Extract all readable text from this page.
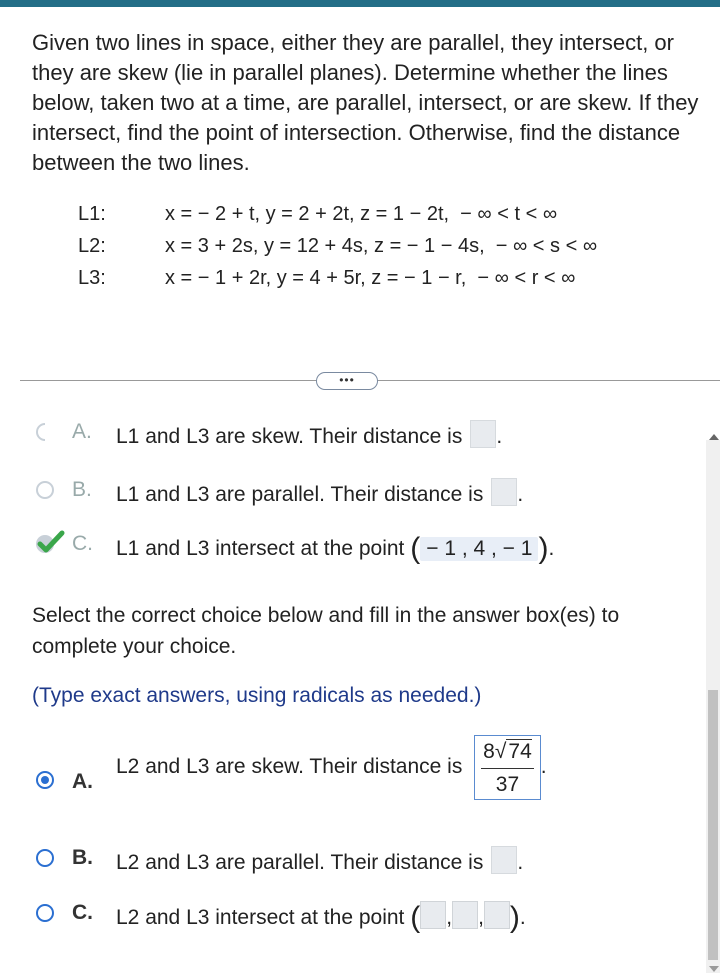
Given two lines in space, either they are parallel, they intersect, or they are skew (lie in parallel planes). Determine whether the lines below, taken two at a time, are parallel, intersect, or are skew. If they intersect, find the point of intersection. Otherwise, find the distance between the two lines.
L1:	x = − 2 + t, y = 2 + 2t, z = 1 − 2t,  − ∞ < t < ∞
L2:	x = 3 + 2s, y = 12 + 4s, z = − 1 − 4s,  − ∞ < s < ∞
L3:	x = − 1 + 2r, y = 4 + 5r, z = − 1 − r,  − ∞ < r < ∞
•••
A. L1 and L3 are skew. Their distance is .
B. L1 and L3 are parallel. Their distance is .
C. L1 and L3 intersect at the point ( − 1 , 4 , − 1 ).
Select the correct choice below and fill in the answer box(es) to complete your choice.
(Type exact answers, using radicals as needed.)
A.
L2 and L3 are skew. Their distance is $\frac{8√74}{37}$ .
B. L2 and L3 are parallel. Their distance is .
C. L2 and L3 intersect at the point ( , , ).
